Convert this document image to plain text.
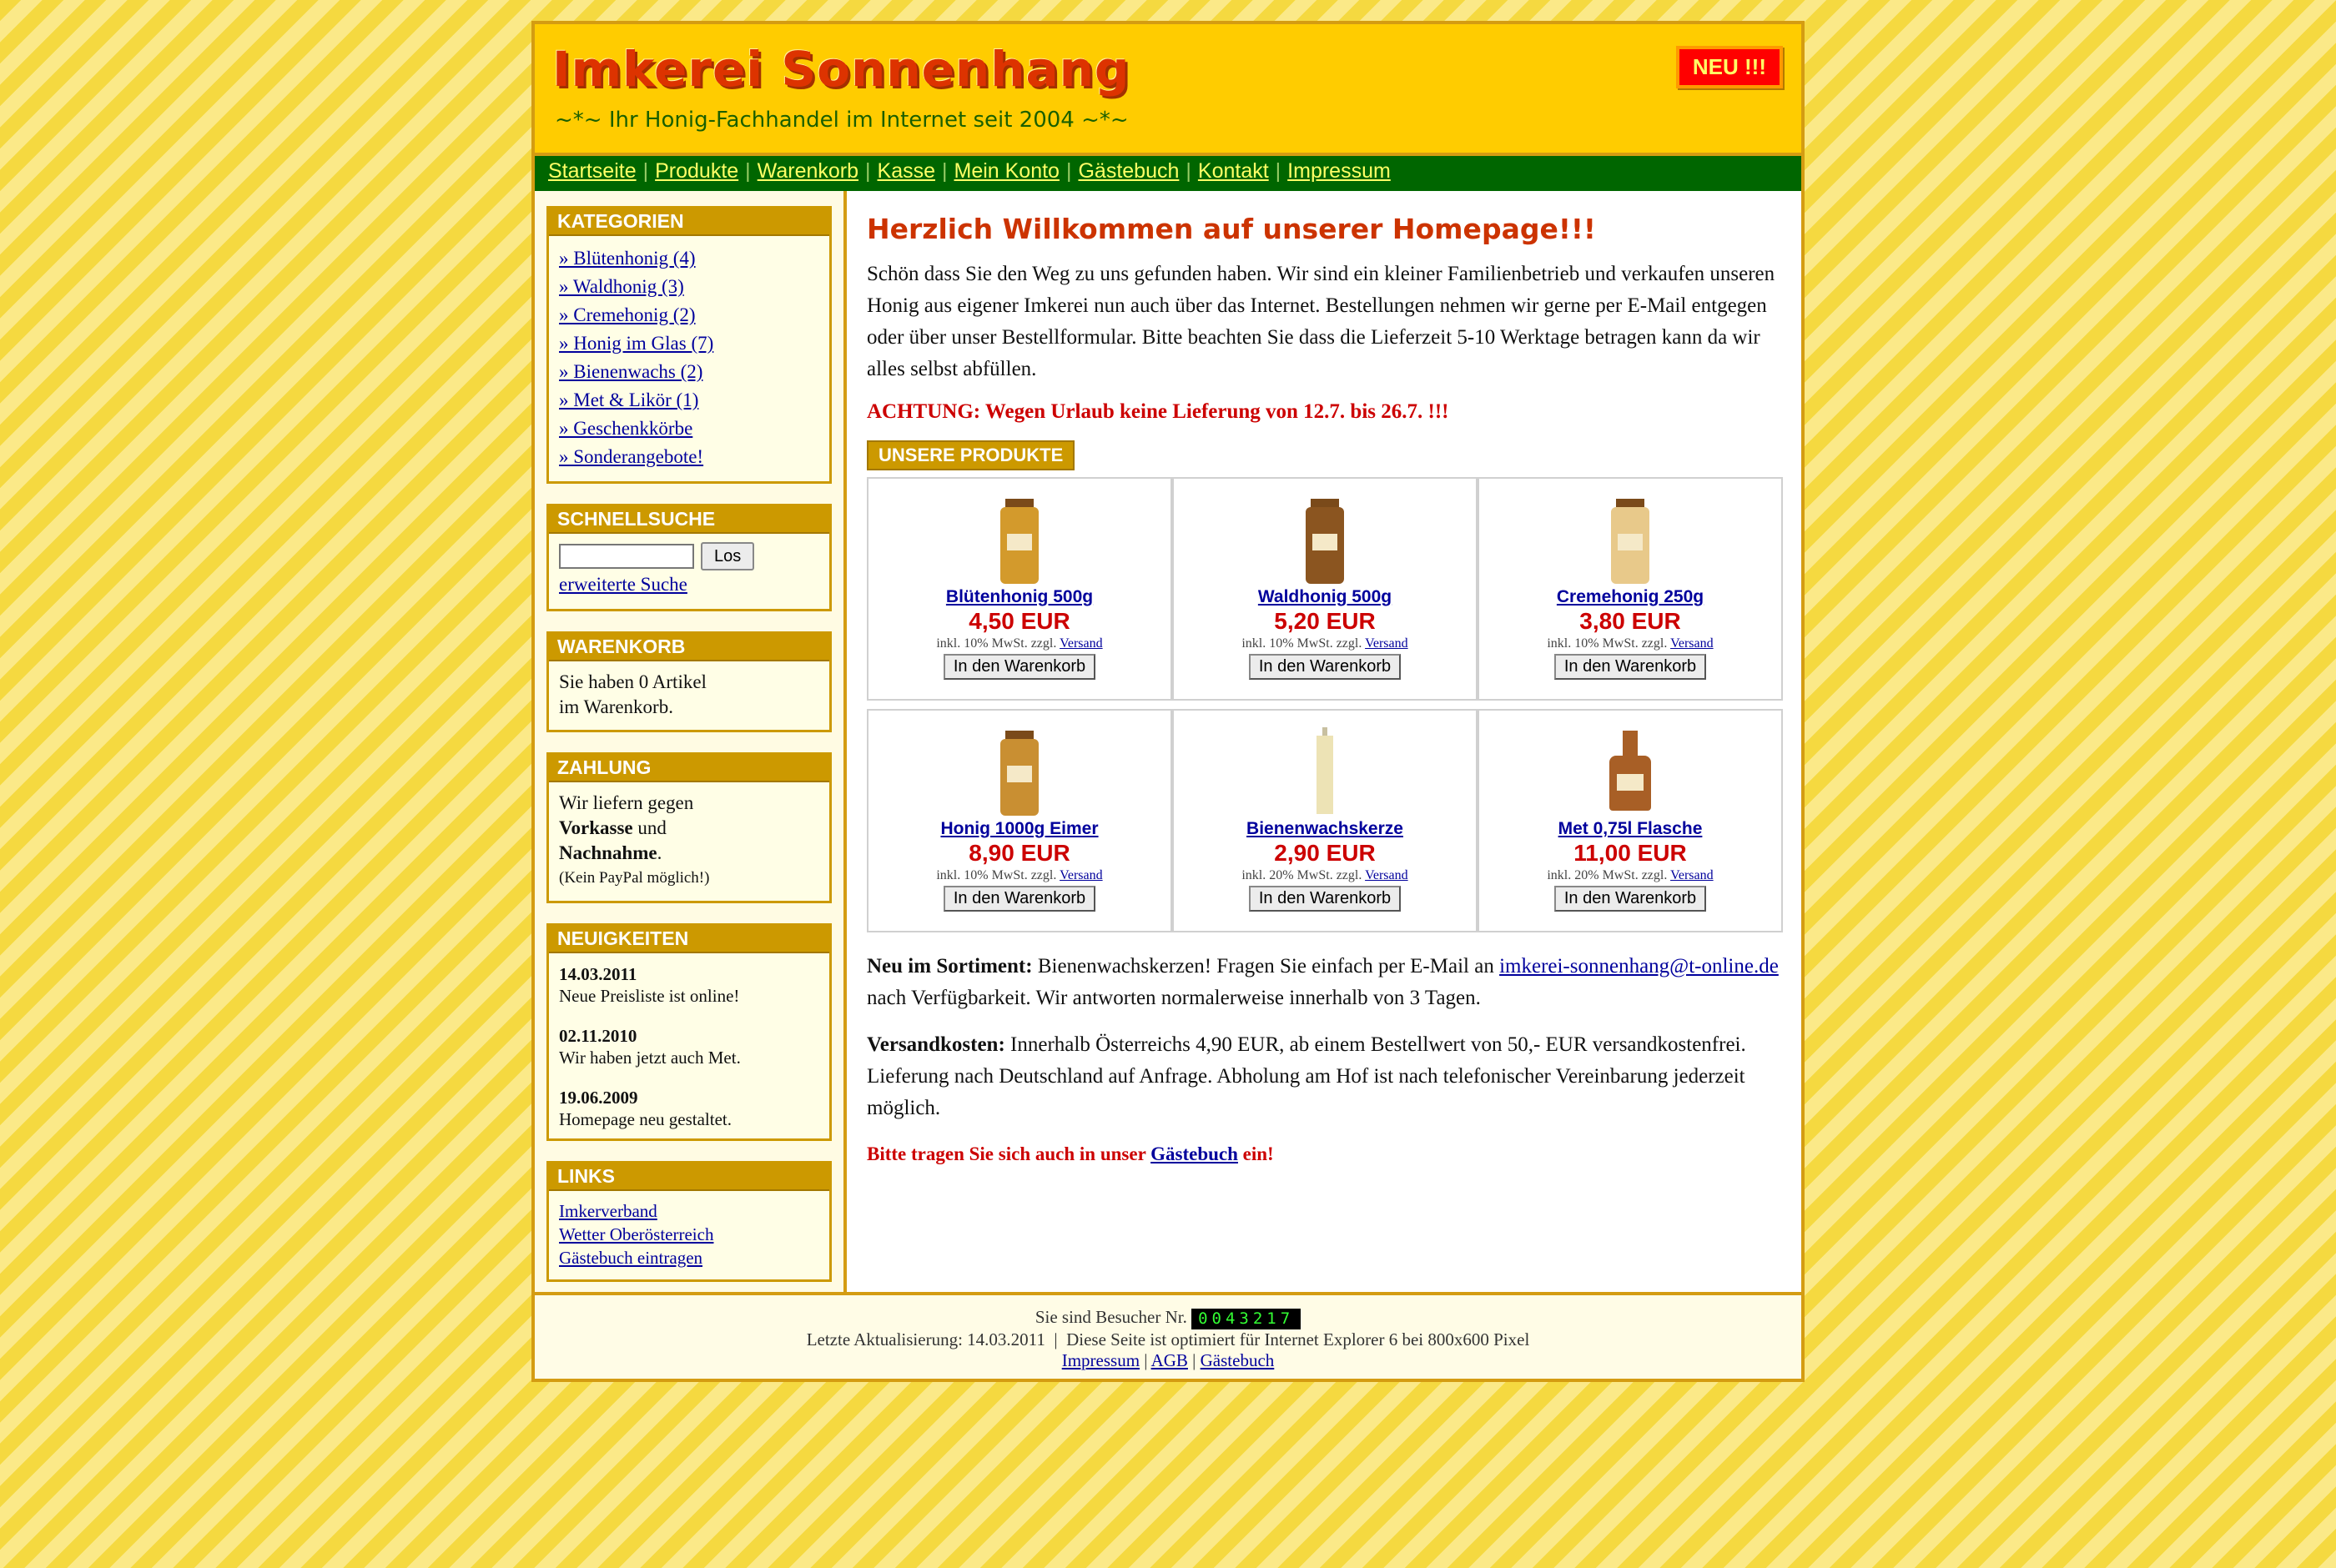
Imkerei Sonnenhang
~*~ Ihr Honig-Fachhandel im Internet seit 2004 ~*~
NEU !!!
Startseite | Produkte | Warenkorb | Kasse | Mein Konto | Gästebuch | Kontakt | Impressum
KATEGORIEN
» Blütenhonig (4)
» Waldhonig (3)
» Cremehonig (2)
» Honig im Glas (7)
» Bienenwachs (2)
» Met & Likör (1)
» Geschenkkörbe
» Sonderangebote!
SCHNELLSUCHE
Los
erweiterte Suche
WARENKORB
Sie haben 0 Artikel
im Warenkorb.
ZAHLUNG
Wir liefern gegen
Vorkasse und
Nachnahme.
(Kein PayPal möglich!)
NEUIGKEITEN
14.03.2011
Neue Preisliste ist online!
02.11.2010
Wir haben jetzt auch Met.
19.06.2009
Homepage neu gestaltet.
LINKS
Imkerverband
Wetter Oberösterreich
Gästebuch eintragen
Herzlich Willkommen auf unserer Homepage!!!

Schön dass Sie den Weg zu uns gefunden haben. Wir sind ein kleiner Familienbetrieb und verkaufen unseren Honig aus eigener Imkerei nun auch über das Internet. Bestellungen nehmen wir gerne per E-Mail entgegen oder über unser Bestellformular. Bitte beachten Sie dass die Lieferzeit 5-10 Werktage betragen kann da wir alles selbst abfüllen.

ACHTUNG: Wegen Urlaub keine Lieferung von 12.7. bis 26.7. !!!

UNSERE PRODUKTE
Blütenhonig 500g
4,50 EUR
inkl. 10% MwSt. zzgl. Versand
In den Warenkorb
Waldhonig 500g
5,20 EUR
inkl. 10% MwSt. zzgl. Versand
In den Warenkorb
Cremehonig 250g
3,80 EUR
inkl. 10% MwSt. zzgl. Versand
In den Warenkorb
Honig 1000g Eimer
8,90 EUR
inkl. 10% MwSt. zzgl. Versand
In den Warenkorb
Bienenwachskerze
2,90 EUR
inkl. 20% MwSt. zzgl. Versand
In den Warenkorb
Met 0,75l Flasche
11,00 EUR
inkl. 20% MwSt. zzgl. Versand
In den Warenkorb

Neu im Sortiment: Bienenwachskerzen! Fragen Sie einfach per E-Mail an imkerei-sonnenhang@t-online.de nach Verfügbarkeit. Wir antworten normalerweise innerhalb von 3 Tagen.

Versandkosten: Innerhalb Österreichs 4,90 EUR, ab einem Bestellwert von 50,- EUR versandkostenfrei. Lieferung nach Deutschland auf Anfrage. Abholung am Hof ist nach telefonischer Vereinbarung jederzeit möglich.

Bitte tragen Sie sich auch in unser Gästebuch ein!

Sie sind Besucher Nr. 0043217
Letzte Aktualisierung: 14.03.2011  |  Diese Seite ist optimiert für Internet Explorer 6 bei 800x600 Pixel
Impressum | AGB | Gästebuch
